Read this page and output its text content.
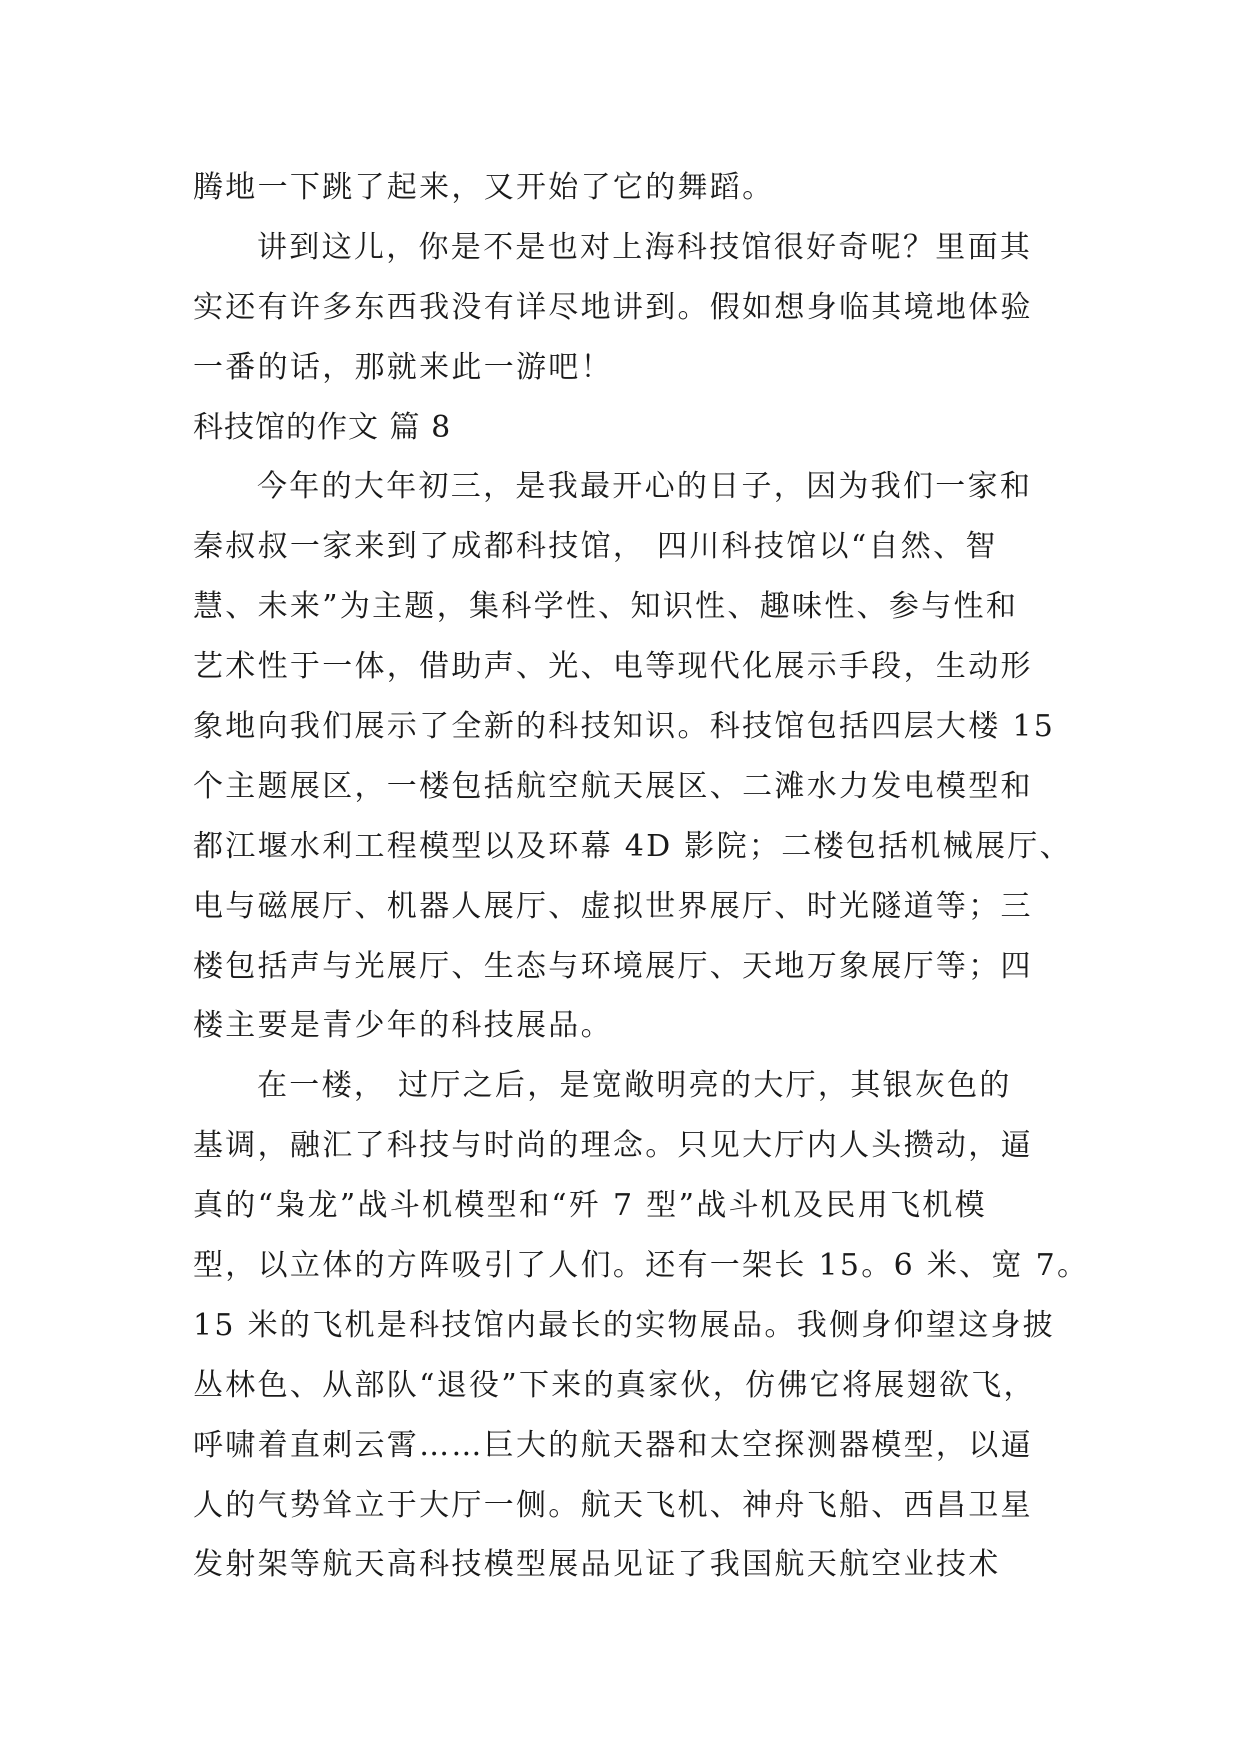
腾地一下跳了起来，又开始了它的舞蹈。
讲到这儿，你是不是也对上海科技馆很好奇呢？里面其
实还有许多东西我没有详尽地讲到。假如想身临其境地体验
一番的话，那就来此一游吧！
科技馆的作文 篇 8
今年的大年初三，是我最开心的日子，因为我们一家和
秦叔叔一家来到了成都科技馆， 四川科技馆以“自然、智
慧、未来”为主题，集科学性、知识性、趣味性、参与性和
艺术性于一体，借助声、光、电等现代化展示手段，生动形
象地向我们展示了全新的科技知识。科技馆包括四层大楼 15
个主题展区，一楼包括航空航天展区、二滩水力发电模型和
都江堰水利工程模型以及环幕 4D 影院；二楼包括机械展厅、
电与磁展厅、机器人展厅、虚拟世界展厅、时光隧道等；三
楼包括声与光展厅、生态与环境展厅、天地万象展厅等；四
楼主要是青少年的科技展品。
在一楼， 过厅之后，是宽敞明亮的大厅，其银灰色的
基调，融汇了科技与时尚的理念。只见大厅内人头攒动，逼
真的“枭龙”战斗机模型和“歼 7 型”战斗机及民用飞机模
型，以立体的方阵吸引了人们。还有一架长 15。6 米、宽 7。
15 米的飞机是科技馆内最长的实物展品。我侧身仰望这身披
丛林色、从部队“退役”下来的真家伙，仿佛它将展翅欲飞，
呼啸着直刺云霄……巨大的航天器和太空探测器模型，以逼
人的气势耸立于大厅一侧。航天飞机、神舟飞船、西昌卫星
发射架等航天高科技模型展品见证了我国航天航空业技术
